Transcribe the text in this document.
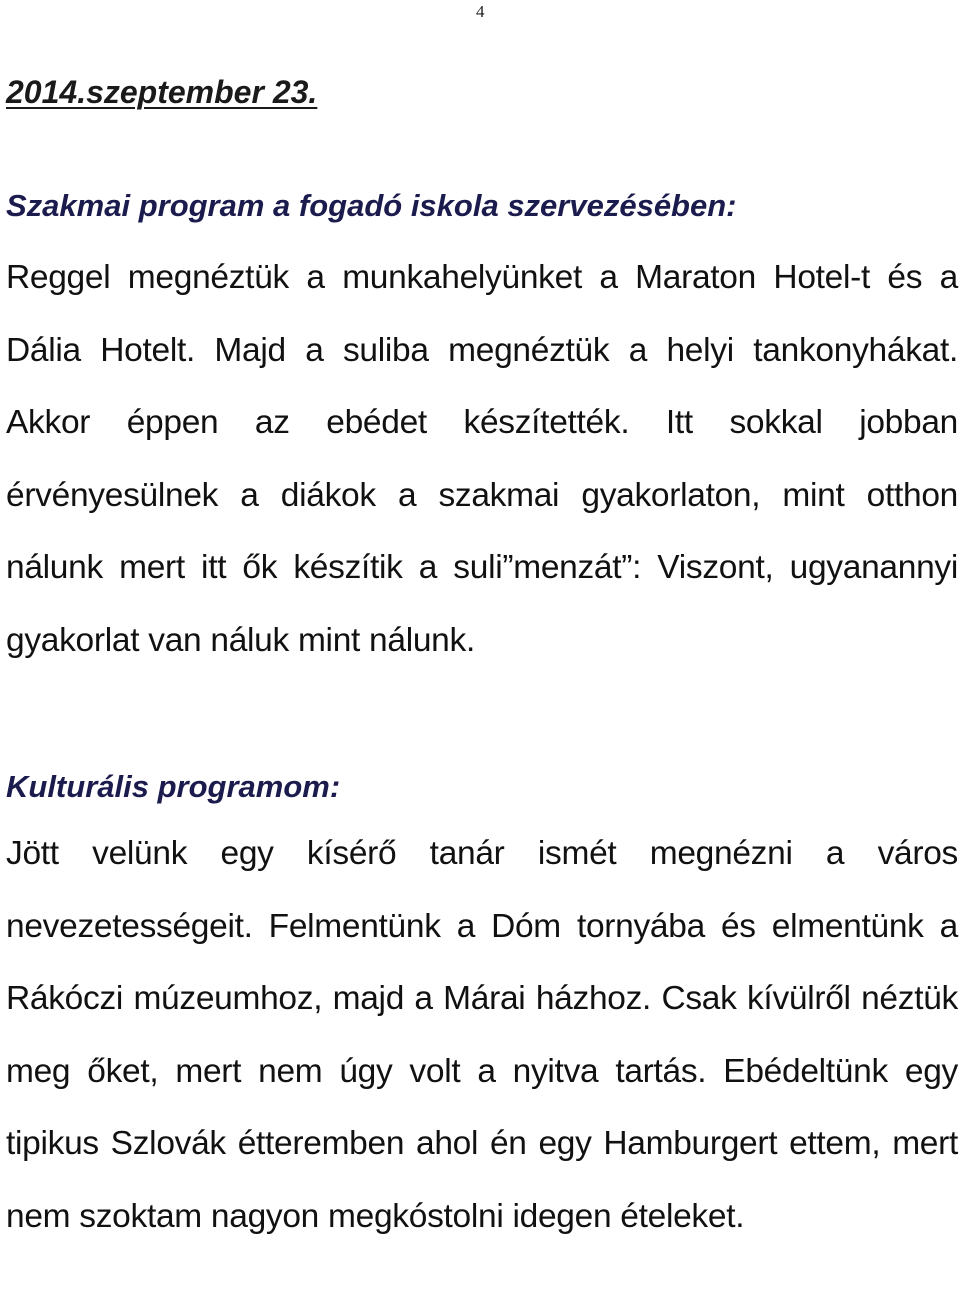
4
2014.szeptember 23.
Szakmai program a fogadó iskola szervezésében:

Reggel megnéztük a munkahelyünket a Maraton Hotel-t és a Dália Hotelt. Majd a suliba megnéztük a helyi tankonyhákat. Akkor éppen az ebédet készítették. Itt sokkal jobban érvényesülnek a diákok a szakmai gyakorlaton, mint otthon nálunk mert itt ők készítik a suli”menzát”: Viszont, ugyanannyi gyakorlat van náluk mint nálunk.

Kulturális programom:

Jött velünk egy kísérő tanár ismét megnézni a város nevezetességeit. Felmentünk a Dóm tornyába és elmentünk a Rákóczi múzeumhoz, majd a Márai házhoz. Csak kívülről néztük meg őket, mert nem úgy volt a nyitva tartás. Ebédeltünk egy tipikus Szlovák étteremben ahol én egy Hamburgert ettem, mert nem szoktam nagyon megkóstolni idegen ételeket.
